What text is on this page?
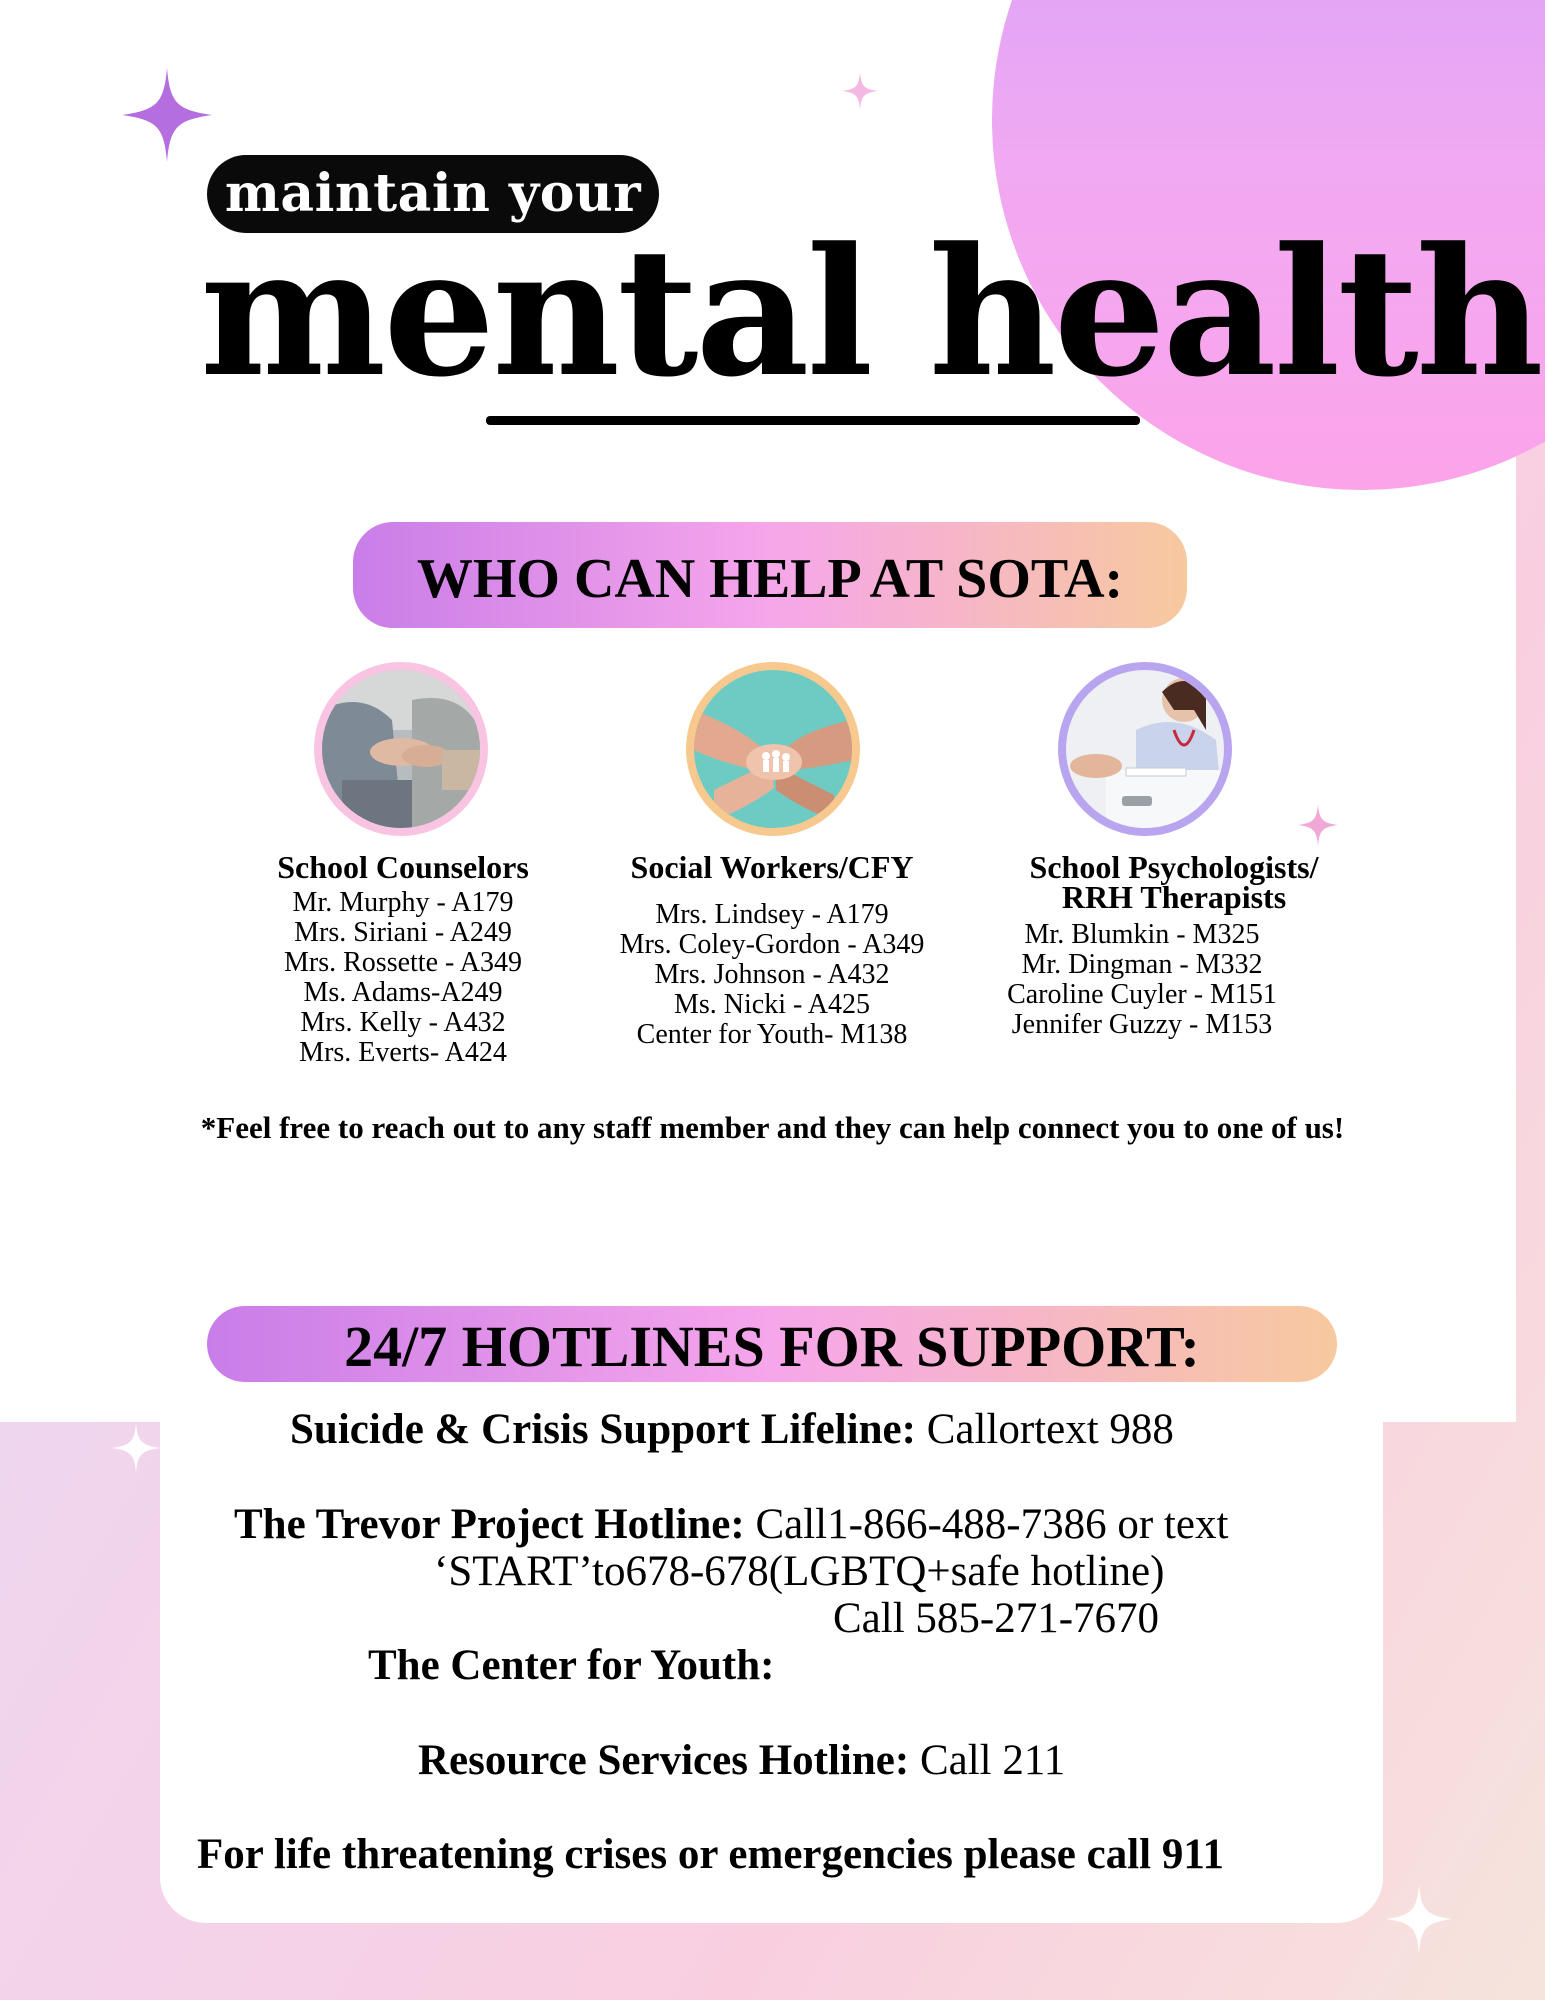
maintain your
mental health
WHO CAN HELP AT SOTA:
School Counselors
Mr. Murphy - A179
Mrs. Siriani - A249
Mrs. Rossette - A349
Ms. Adams-A249
Mrs. Kelly - A432
Mrs. Everts- A424
Social Workers/CFY
Mrs. Lindsey - A179
Mrs. Coley-Gordon - A349
Mrs. Johnson - A432
Ms. Nicki - A425
Center for Youth- M138
School Psychologists/
RRH Therapists
Mr. Blumkin - M325
Mr. Dingman - M332
Caroline Cuyler - M151
Jennifer Guzzy - M153
*Feel free to reach out to any staff member and they can help connect you to one of us!
24/7 HOTLINES FOR SUPPORT:
Suicide & Crisis Support Lifeline: Callortext 988
The Trevor Project Hotline: Call1-866-488-7386 or text
‘START’to678-678(LGBTQ+safe hotline)
Call 585-271-7670
The Center for Youth:
Resource Services Hotline: Call 211
For life threatening crises or emergencies please call 911
